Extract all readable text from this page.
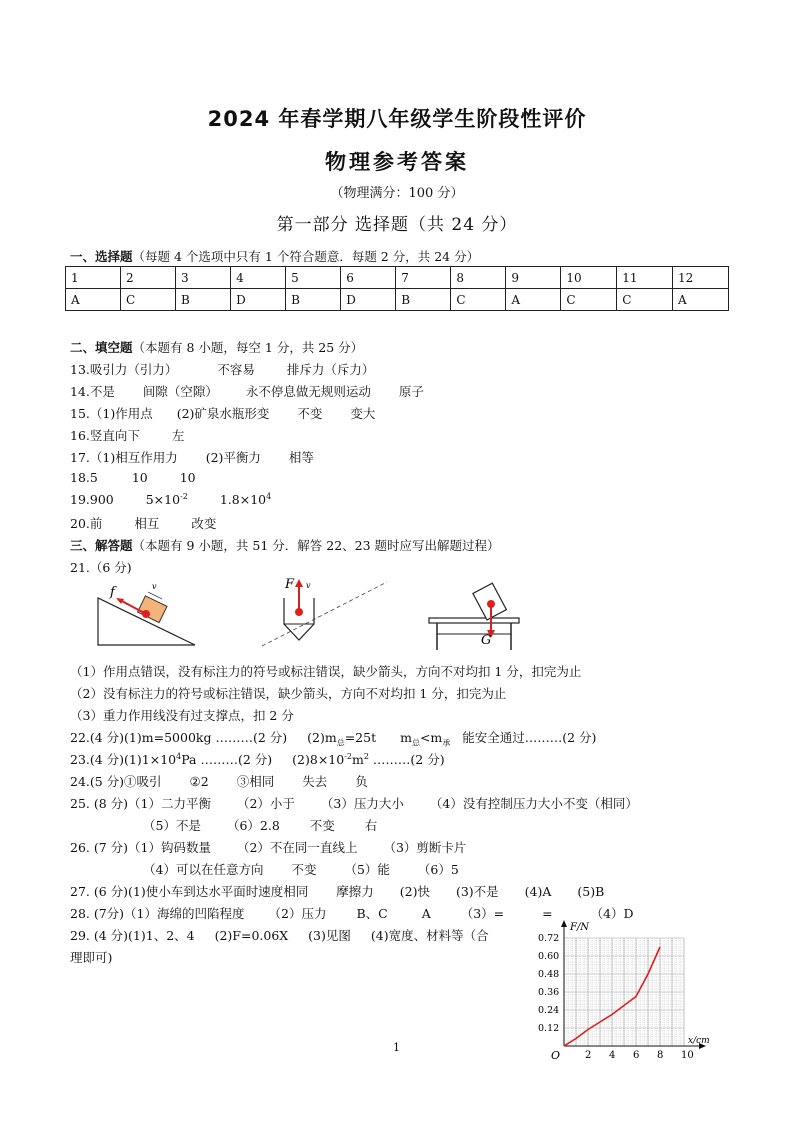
2024 年春学期八年级学生阶段性评价
物理参考答案
（物理满分：100 分）
第一部分 选择题（共 24 分）
一、选择题（每题 4 个选项中只有 1 个符合题意．每题 2 分，共 24 分）
1	2	3	4	5	6	7	8	9	10	11	12
A	C	B	D	B	D	B	C	A	C	C	A
二、填空题（本题有 8 小题，每空 1 分，共 25 分）
13.吸引力（引力）	不容易	排斥力（斥力）
14.不是 间隙（空隙） 永不停息做无规则运动 原子
15.（1)作用点 (2)矿泉水瓶形变 不变 变大
16.竖直向下	左
17.（1)相互作用力 (2)平衡力 相等
18.5	10	10
19.900	$5\times 10^{-2}$	$1.8\times 10^4$
20.前	相互	改变
三、解答题（本题有 9 小题，共 51 分．解答 22、23 题时应写出解题过程）
21.（6 分)
f	v	F v
G
（1）作用点错误，没有标注力的符号或标注错误，缺少箭头，方向不对均扣 1 分，扣完为止
（2）没有标注力的符号或标注错误，缺少箭头，方向不对均扣 1 分，扣完为止
（3）重力作用线没有过支撑点，扣 2 分
22.(4 分)(1)m=5000kg ………(2 分) $(2)m_总=25t$ $m_总<m_承$ 能安全通过………(2 分)
23.(4 分)$(1)1\times 10^4Pa$ ………(2 分) $(2)8\times 10^{-2}m^2$ ………(2 分)
24.(5 分)①吸引 ②2 ③相同 失去 负
25. (8 分)（1）二力平衡 （2）小于 （3）压力大小 （4）没有控制压力大小不变（相同）
（5）不是 （6）2.8 不变 右
26. (7 分)（1）钩码数量 （2）不在同一直线上 （3）剪断卡片
（4）可以在任意方向 不变 （5）能 （6）5
27. (6 分)(1)使小车到达水平面时速度相同 摩擦力 (2)快 (3)不是 (4)A (5)B
28. (7分)（1）海绵的凹陷程度 （2）压力 B、C	A （3）=	=	（4）D
29. (4 分)(1)1、2、4 (2)F=0.06X (3)见图 (4)宽度、材料等（合
理即可)
2 4 6 8 10
0.12
0.24
0.36
0.48
0.60
0.72
F/N
x/cm
O
1
